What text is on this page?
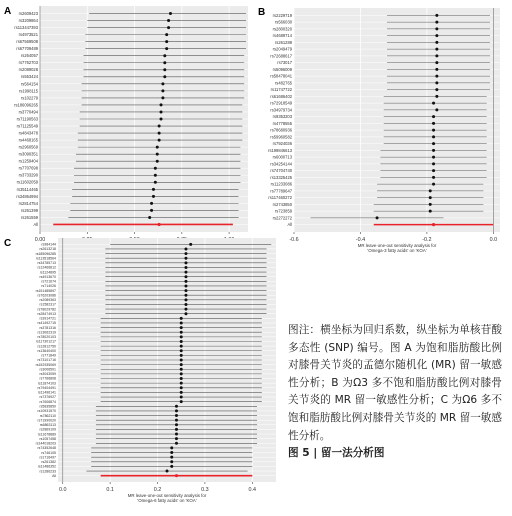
A rs2609423
rs3209864
rs113447393
rs4973521
rs67569508
rs67709489
rs264057
rs7762703
rs2089028
rs553424
rs564154
rs1998115
rs102279
rs186096265
rs3770494
rs71190563
rs71125549
rs4843478
rs4468165
rs2960569
rs3090351
rs1259404
rs7707698
rs3733290
rs11602059
rs35114465
rs34864994
rs2814754
rs261399
rs261559
All
0.00
B rs2229719
rs566030
rs2800320
rs4689714
rs261289
rs2049479
rs72688617
rs73017
rs5096009
rs58478041
rs482765
rs11747722
rs61686402
rs72918549
rs34979734
rs9353203
rs4778555
rs78680936
rs59960582
rs7924036
rs199846613
rs6000713
rs34254144
rs74704740
rs13325425
rs11233086
rs77789647
rs117460272
rs2743850
rs723859
rs2272272
All
-0.6	-0.4	-0.2	0.0
MR leave-one-out sensitivity analysis for
'Omega-3 fatty acids' on 'KOA'
C	rs984144
rs2613218
rs185096285
rs113518564
rs34785713
rs12466812
rs1124895
rs4913670
rs721674
rs714026
rs151485897
rs76203086
rs2089363
rs1582317
rs78029782
rs28474913
rs3914721
rs41492715
rs3781316
rs13062319
rs78020103
rs117301217
rs12812750
rs13640400
rs771849
rs73101716
rs152935069
rs3006501
rs3043059
rs7766808
rs11874103
rs79404491
rs11496141
rs7376927
rs7606874
rs5835850
rs10931570
rs7862110
rs71990020
rs6863113
rs2869109
rs11678889
rs1057458
rs144018203
rs74352648
rs746105
rs1716497
rs261382
rs11486352
rs1286233
All
0.0	0.1	0.2	0.3	0.4
MR leave-one-out sensitivity analysis for
'Omega-6 fatty acids' on 'KOA'
图注：横坐标为回归系数，纵坐标为单核苷酸多态性 (SNP) 编号。图 A 为饱和脂肪酸比例对膝骨关节炎的孟德尔随机化 (MR) 留一敏感性分析；B 为Ω3 多不饱和脂肪酸比例对膝骨关节炎的 MR 留一敏感性分析；C 为Ω6 多不饱和脂肪酸比例对膝骨关节炎的 MR 留一敏感性分析。
图 5 | 留一法分析图
